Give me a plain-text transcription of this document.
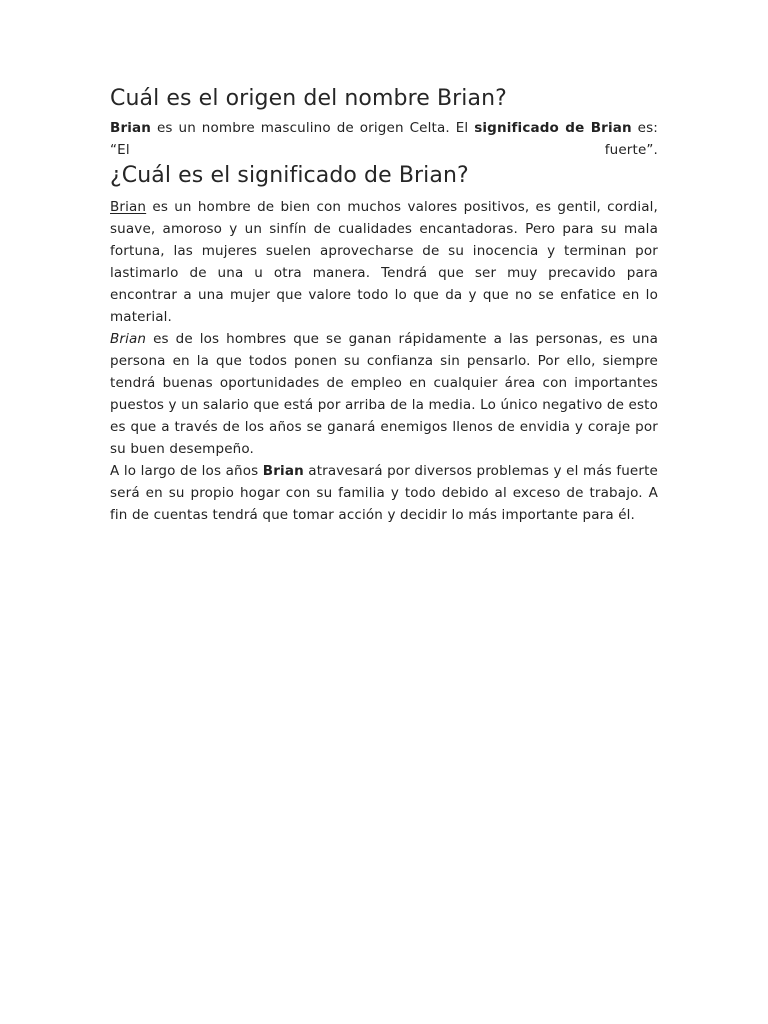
Cuál es el origen del nombre Brian?

Brian es un nombre masculino de origen Celta. El significado de Brian es: “El fuerte”.

¿Cuál es el significado de Brian?

Brian es un hombre de bien con muchos valores positivos, es gentil, cordial, suave, amoroso y un sinfín de cualidades encantadoras. Pero para su mala fortuna, las mujeres suelen aprovecharse de su inocencia y terminan por lastimarlo de una u otra manera. Tendrá que ser muy precavido para encontrar a una mujer que valore todo lo que da y que no se enfatice en lo material.

Brian es de los hombres que se ganan rápidamente a las personas, es una persona en la que todos ponen su confianza sin pensarlo. Por ello, siempre tendrá buenas oportunidades de empleo en cualquier área con importantes puestos y un salario que está por arriba de la media. Lo único negativo de esto es que a través de los años se ganará enemigos llenos de envidia y coraje por su buen desempeño.

A lo largo de los años Brian atravesará por diversos problemas y el más fuerte será en su propio hogar con su familia y todo debido al exceso de trabajo. A fin de cuentas tendrá que tomar acción y decidir lo más importante para él.
